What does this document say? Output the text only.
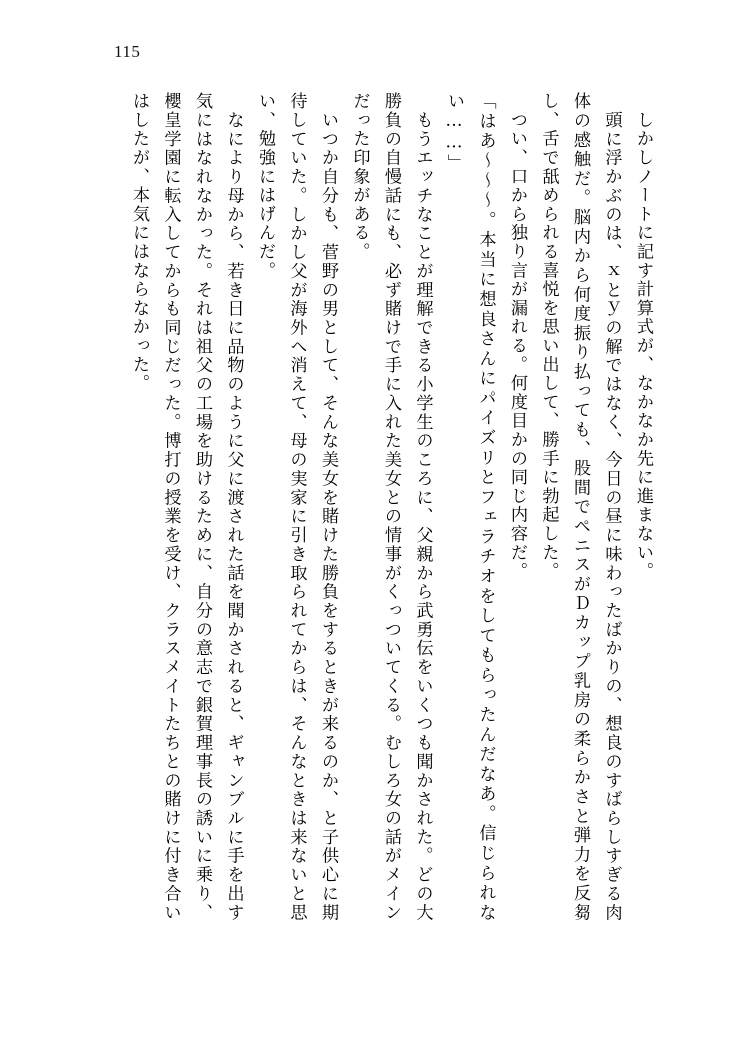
115
　しかしノートに記す計算式が、なかなか先に進まない。
　頭に浮かぶのは、ｘとｙの解ではなく、今日の昼に味わったばかりの、想良のすばらしすぎる肉体の感触だ。脳内から何度振り払っても、股間でペニスがＤカップ乳房の柔らかさと弾力を反芻し、舌で舐められる喜悦を思い出して、勝手に勃起した。
　つい、口から独り言が漏れる。何度目かの同じ内容だ。
「はあ～～～。本当に想良さんにパイズリとフェラチオをしてもらったんだなあ。信じられない……」
　もうエッチなことが理解できる小学生のころに、父親から武勇伝をいくつも聞かされた。どの大勝負の自慢話にも、必ず賭けで手に入れた美女との情事がくっついてくる。むしろ女の話がメインだった印象がある。
　いつか自分も、菅野の男として、そんな美女を賭けた勝負をするときが来るのか、と子供心に期待していた。しかし父が海外へ消えて、母の実家に引き取られてからは、そんなときは来ないと思い、勉強にはげんだ。
　なにより母から、若き日に品物のように父に渡された話を聞かされると、ギャンブルに手を出す気にはなれなかった。それは祖父の工場を助けるために、自分の意志で銀賀理事長の誘いに乗り、櫻皇学園に転入してからも同じだった。博打の授業を受け、クラスメイトたちとの賭けに付き合いはしたが、本気にはならなかった。
